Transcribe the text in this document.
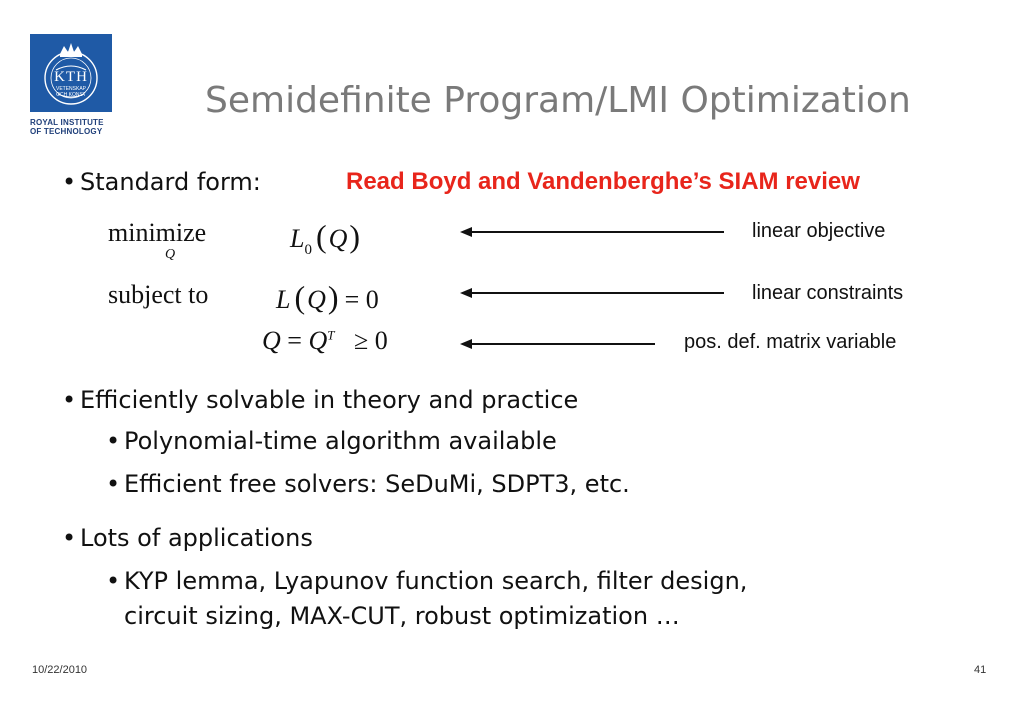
KTH
VETENSKAP OCH KONST
ROYAL INSTITUTE
OF TECHNOLOGY
Semidefinite Program/LMI Optimization
• Standard form:	Read Boyd and Vandenberghe’s SIAM review
minimize
Q
subject to
$L_0$ (Q)
L (Q) = 0
$Q = Q^T \ge 0$
linear objective
linear constraints
pos. def. matrix variable
• Efficiently solvable in theory and practice
• Polynomial-time algorithm available
• Efficient free solvers: SeDuMi, SDPT3, etc.
• Lots of applications
• KYP lemma, Lyapunov function search, filter design,
circuit sizing, MAX-CUT, robust optimization …
10/22/2010	41
